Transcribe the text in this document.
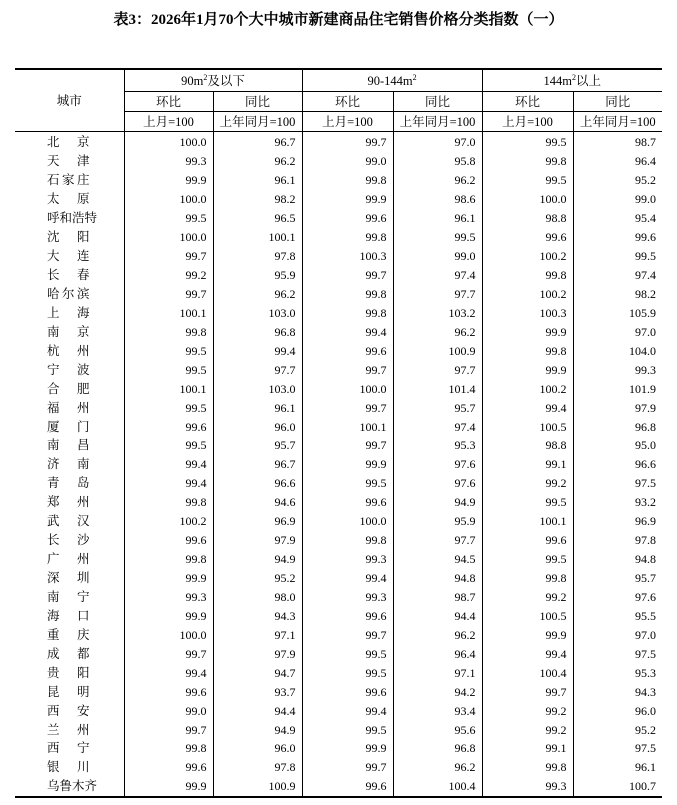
表3：2026年1月70个大中城市新建商品住宅销售价格分类指数（一）
城市	$90m^2$及以下		$90-144m^2$		$144m^2$以上	
	环比	同比	环比	同比	环比	同比
	上月=100	上年同月=100	上月=100	上年同月=100	上月=100	上年同月=100
北京	100.0	96.7	99.7	97.0	99.5	98.7
天津	99.3	96.2	99.0	95.8	99.8	96.4
石家庄	99.9	96.1	99.8	96.2	99.5	95.2
太原	100.0	98.2	99.9	98.6	100.0	99.0
呼和浩特	99.5	96.5	99.6	96.1	98.8	95.4
沈阳	100.0	100.1	99.8	99.5	99.6	99.6
大连	99.7	97.8	100.3	99.0	100.2	99.5
长春	99.2	95.9	99.7	97.4	99.8	97.4
哈尔滨	99.7	96.2	99.8	97.7	100.2	98.2
上海	100.1	103.0	99.8	103.2	100.3	105.9
南京	99.8	96.8	99.4	96.2	99.9	97.0
杭州	99.5	99.4	99.6	100.9	99.8	104.0
宁波	99.5	97.7	99.7	97.7	99.9	99.3
合肥	100.1	103.0	100.0	101.4	100.2	101.9
福州	99.5	96.1	99.7	95.7	99.4	97.9
厦门	99.6	96.0	100.1	97.4	100.5	96.8
南昌	99.5	95.7	99.7	95.3	98.8	95.0
济南	99.4	96.7	99.9	97.6	99.1	96.6
青岛	99.4	96.6	99.5	97.6	99.2	97.5
郑州	99.8	94.6	99.6	94.9	99.5	93.2
武汉	100.2	96.9	100.0	95.9	100.1	96.9
长沙	99.6	97.9	99.8	97.7	99.6	97.8
广州	99.8	94.9	99.3	94.5	99.5	94.8
深圳	99.9	95.2	99.4	94.8	99.8	95.7
南宁	99.3	98.0	99.3	98.7	99.2	97.6
海口	99.9	94.3	99.6	94.4	100.5	95.5
重庆	100.0	97.1	99.7	96.2	99.9	97.0
成都	99.7	97.9	99.5	96.4	99.4	97.5
贵阳	99.4	94.7	99.5	97.1	100.4	95.3
昆明	99.6	93.7	99.6	94.2	99.7	94.3
西安	99.0	94.4	99.4	93.4	99.2	96.0
兰州	99.7	94.9	99.5	95.6	99.2	95.2
西宁	99.8	96.0	99.9	96.8	99.1	97.5
银川	99.6	97.8	99.7	96.2	99.8	96.1
乌鲁木齐	99.9	100.9	99.6	100.4	99.3	100.7
